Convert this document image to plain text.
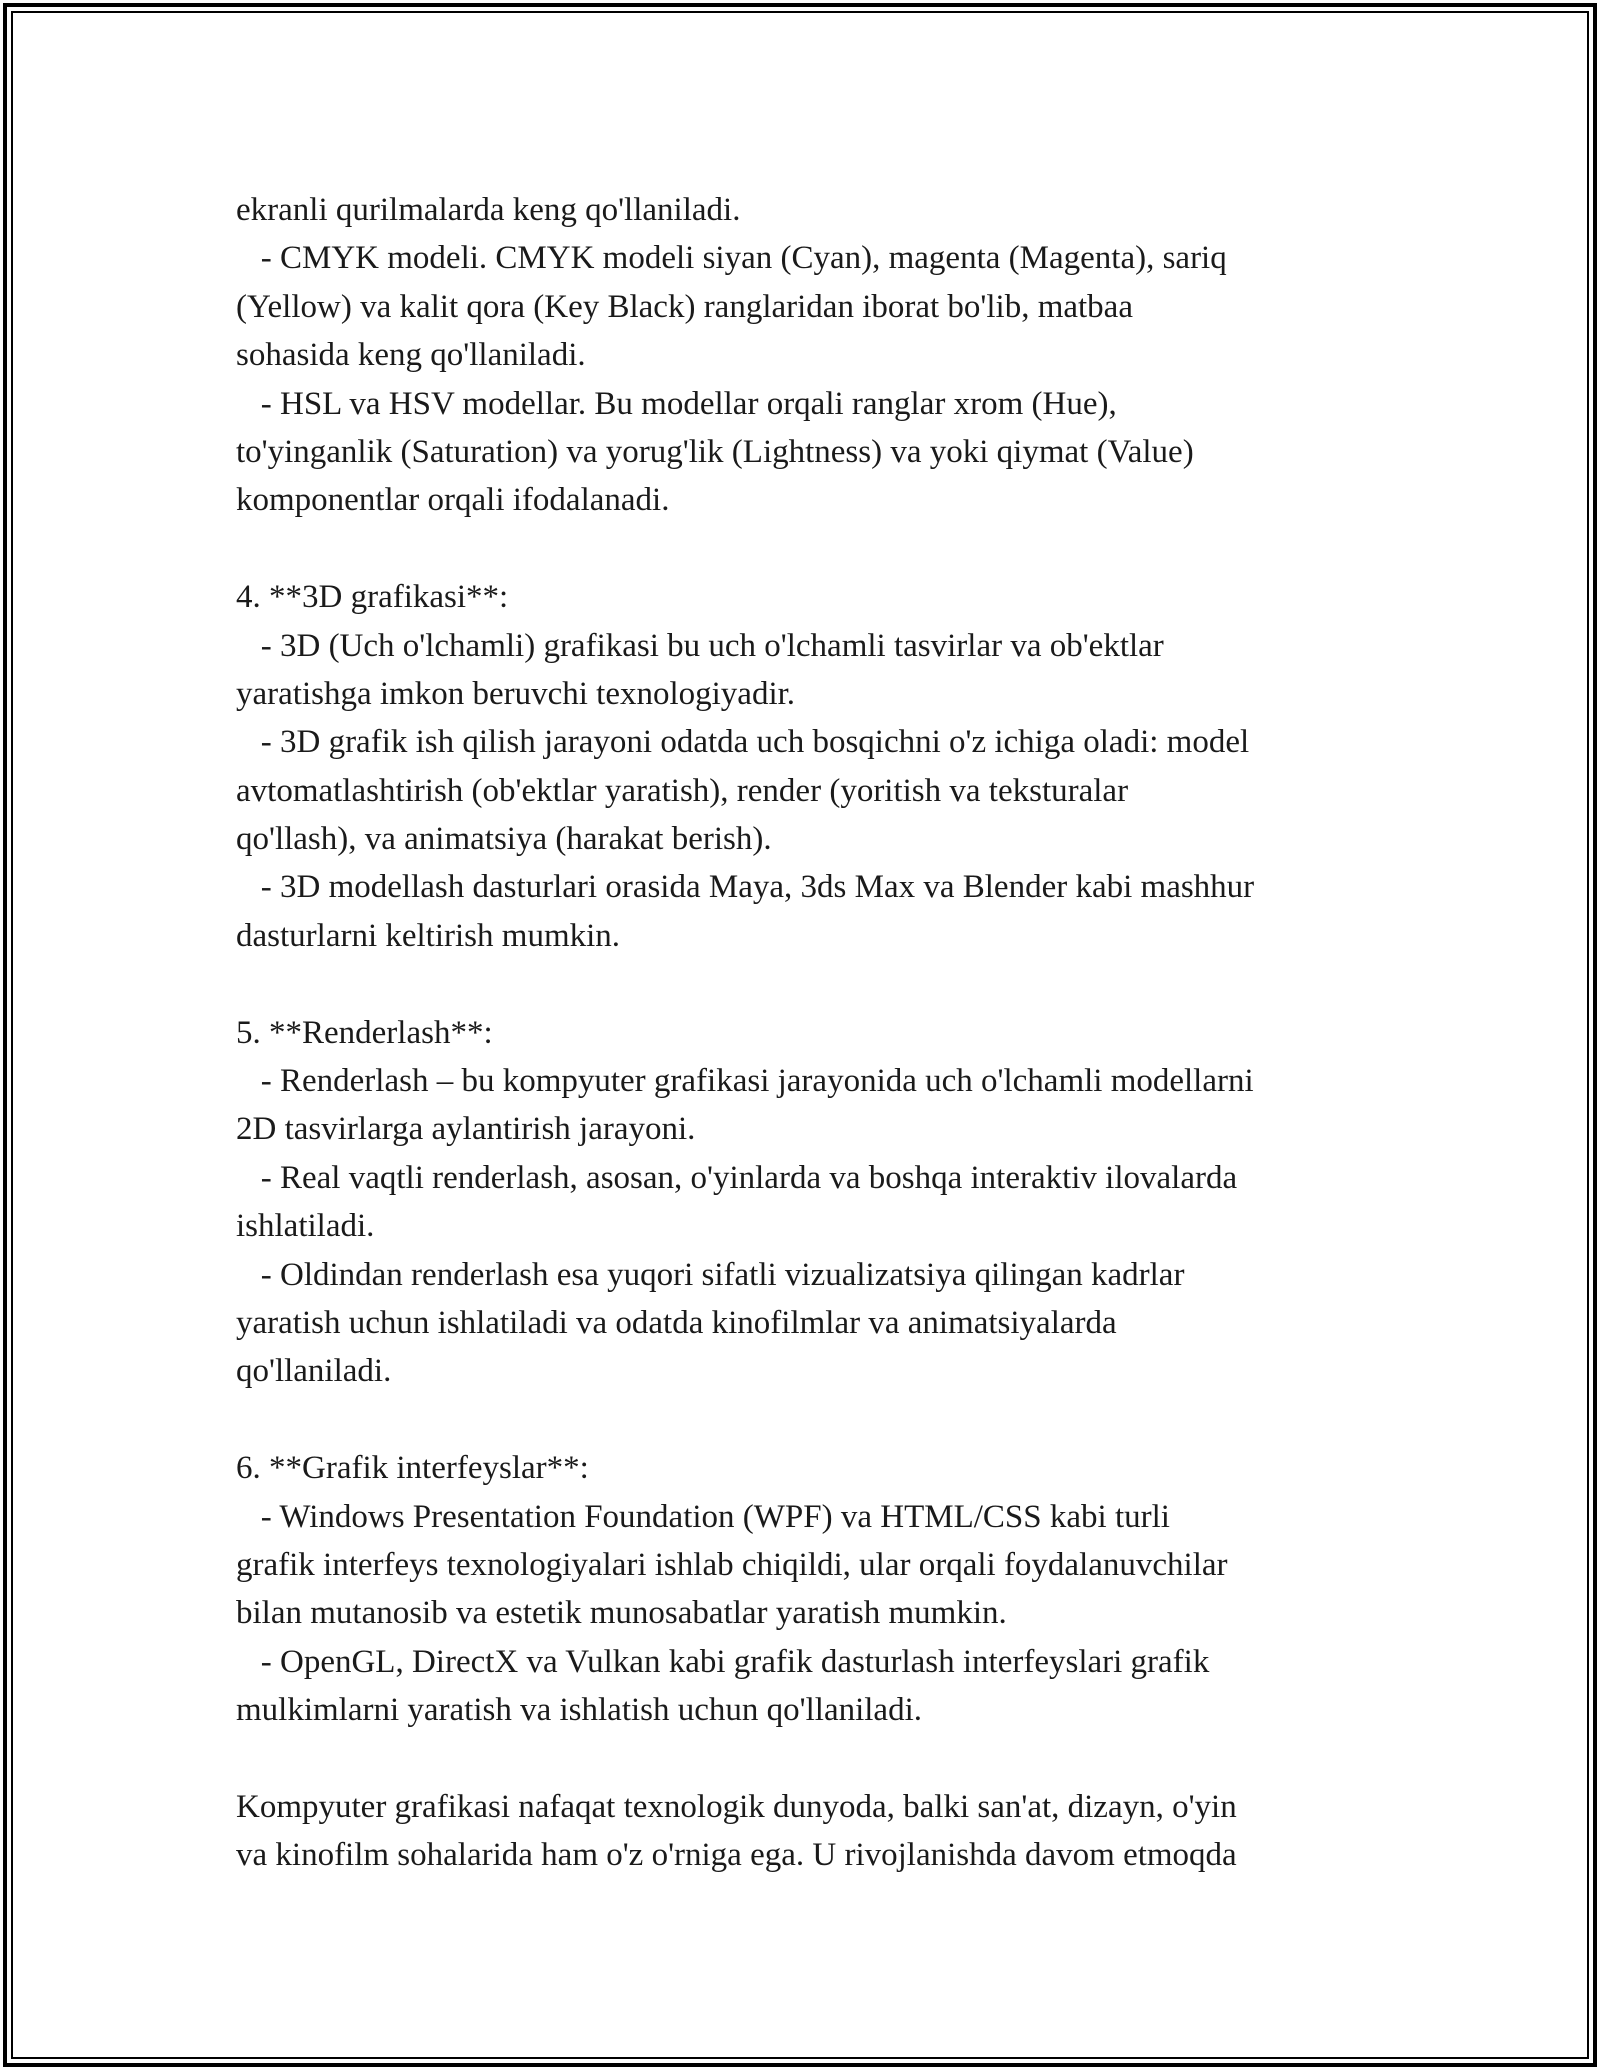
ekranli qurilmalarda keng qo'llaniladi.
- CMYK modeli. CMYK modeli siyan (Cyan), magenta (Magenta), sariq
(Yellow) va kalit qora (Key Black) ranglaridan iborat bo'lib, matbaa
sohasida keng qo'llaniladi.
- HSL va HSV modellar. Bu modellar orqali ranglar xrom (Hue),
to'yinganlik (Saturation) va yorug'lik (Lightness) va yoki qiymat (Value)
komponentlar orqali ifodalanadi.
4. **3D grafikasi**:
- 3D (Uch o'lchamli) grafikasi bu uch o'lchamli tasvirlar va ob'ektlar
yaratishga imkon beruvchi texnologiyadir.
- 3D grafik ish qilish jarayoni odatda uch bosqichni o'z ichiga oladi: model
avtomatlashtirish (ob'ektlar yaratish), render (yoritish va teksturalar
qo'llash), va animatsiya (harakat berish).
- 3D modellash dasturlari orasida Maya, 3ds Max va Blender kabi mashhur
dasturlarni keltirish mumkin.
5. **Renderlash**:
- Renderlash – bu kompyuter grafikasi jarayonida uch o'lchamli modellarni
2D tasvirlarga aylantirish jarayoni.
- Real vaqtli renderlash, asosan, o'yinlarda va boshqa interaktiv ilovalarda
ishlatiladi.
- Oldindan renderlash esa yuqori sifatli vizualizatsiya qilingan kadrlar
yaratish uchun ishlatiladi va odatda kinofilmlar va animatsiyalarda
qo'llaniladi.
6. **Grafik interfeyslar**:
- Windows Presentation Foundation (WPF) va HTML/CSS kabi turli
grafik interfeys texnologiyalari ishlab chiqildi, ular orqali foydalanuvchilar
bilan mutanosib va estetik munosabatlar yaratish mumkin.
- OpenGL, DirectX va Vulkan kabi grafik dasturlash interfeyslari grafik
mulkimlarni yaratish va ishlatish uchun qo'llaniladi.
Kompyuter grafikasi nafaqat texnologik dunyoda, balki san'at, dizayn, o'yin
va kinofilm sohalarida ham o'z o'rniga ega. U rivojlanishda davom etmoqda
